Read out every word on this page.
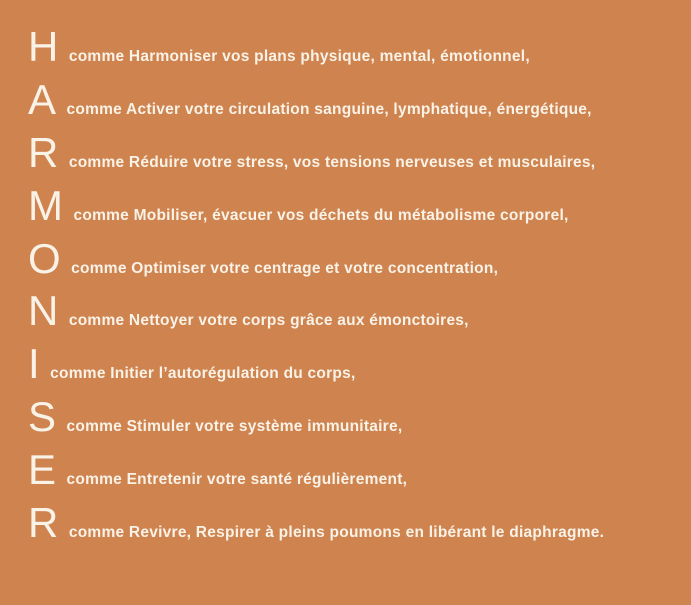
H comme Harmoniser vos plans physique, mental, émotionnel,
A comme Activer votre circulation sanguine, lymphatique, énergétique,
R comme Réduire votre stress, vos tensions nerveuses et musculaires,
M comme Mobiliser, évacuer vos déchets du métabolisme corporel,
O comme Optimiser votre centrage et votre concentration,
N comme Nettoyer votre corps grâce aux émonctoires,
I comme Initier l’autorégulation du corps,
S comme Stimuler votre système immunitaire,
E comme Entretenir votre santé régulièrement,
R comme Revivre, Respirer à pleins poumons en libérant le diaphragme.
